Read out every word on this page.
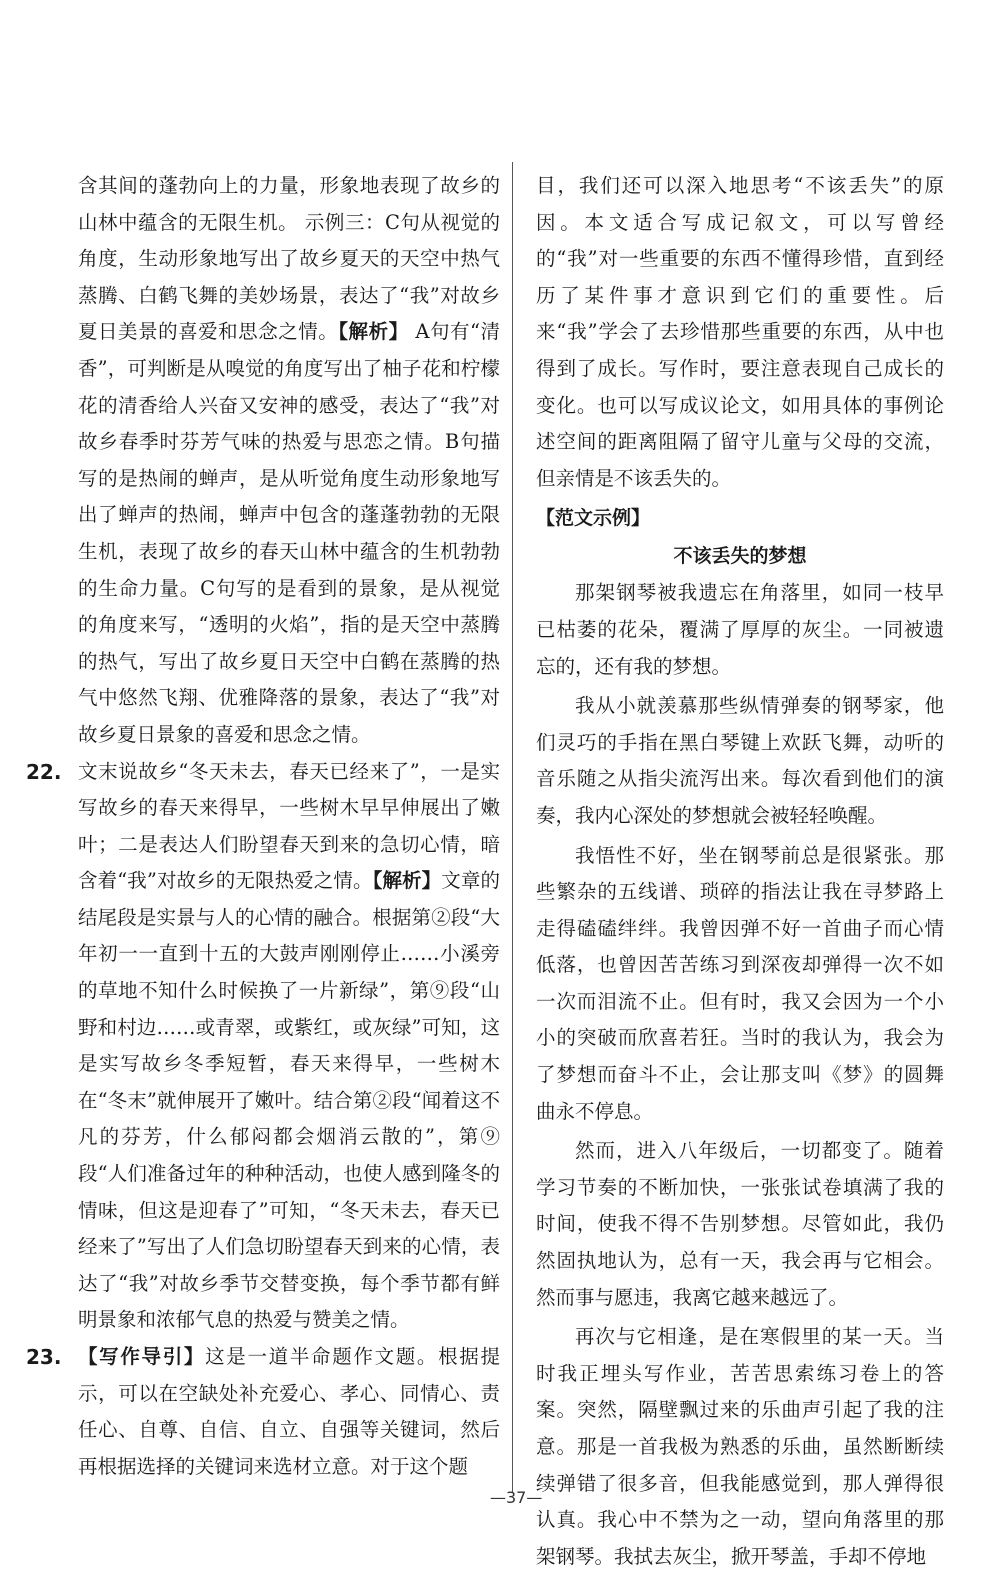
含其间的蓬勃向上的力量，形象地表现了故乡的山林中蕴含的无限生机。 示例三：C句从视觉的角度，生动形象地写出了故乡夏天的天空中热气蒸腾、白鹤飞舞的美妙场景，表达了“我”对故乡夏日美景的喜爱和思念之情。【解析】 A句有“清香”，可判断是从嗅觉的角度写出了柚子花和柠檬花的清香给人兴奋又安神的感受，表达了“我”对故乡春季时芬芳气味的热爱与思恋之情。B句描写的是热闹的蝉声，是从听觉角度生动形象地写出了蝉声的热闹，蝉声中包含的蓬蓬勃勃的无限生机，表现了故乡的春天山林中蕴含的生机勃勃的生命力量。C句写的是看到的景象，是从视觉的角度来写，“透明的火焰”，指的是天空中蒸腾的热气，写出了故乡夏日天空中白鹤在蒸腾的热气中悠然飞翔、优雅降落的景象，表达了“我”对故乡夏日景象的喜爱和思念之情。

22. 文末说故乡“冬天未去，春天已经来了”，一是实写故乡的春天来得早，一些树木早早伸展出了嫩叶；二是表达人们盼望春天到来的急切心情，暗含着“我”对故乡的无限热爱之情。【解析】文章的结尾段是实景与人的心情的融合。根据第②段“大年初一一直到十五的大鼓声刚刚停止……小溪旁的草地不知什么时候换了一片新绿”，第⑨段“山野和村边……或青翠，或紫红，或灰绿”可知，这是实写故乡冬季短暂，春天来得早，一些树木在“冬末”就伸展开了嫩叶。结合第②段“闻着这不凡的芬芳，什么郁闷都会烟消云散的”，第⑨段“人们准备过年的种种活动，也使人感到隆冬的情味，但这是迎春了”可知，“冬天未去，春天已经来了”写出了人们急切盼望春天到来的心情，表达了“我”对故乡季节交替变换，每个季节都有鲜明景象和浓郁气息的热爱与赞美之情。

23. 【写作导引】这是一道半命题作文题。根据提示，可以在空缺处补充爱心、孝心、同情心、责任心、自尊、自信、自立、自强等关键词，然后再根据选择的关键词来选材立意。对于这个题

目，我们还可以深入地思考“不该丢失”的原因。本文适合写成记叙文，可以写曾经的“我”对一些重要的东西不懂得珍惜，直到经历了某件事才意识到它们的重要性。后来“我”学会了去珍惜那些重要的东西，从中也得到了成长。写作时，要注意表现自己成长的变化。也可以写成议论文，如用具体的事例论述空间的距离阻隔了留守儿童与父母的交流，但亲情是不该丢失的。

【范文示例】
不该丢失的梦想

那架钢琴被我遗忘在角落里，如同一枝早已枯萎的花朵，覆满了厚厚的灰尘。一同被遗忘的，还有我的梦想。

我从小就羡慕那些纵情弹奏的钢琴家，他们灵巧的手指在黑白琴键上欢跃飞舞，动听的音乐随之从指尖流泻出来。每次看到他们的演奏，我内心深处的梦想就会被轻轻唤醒。

我悟性不好，坐在钢琴前总是很紧张。那些繁杂的五线谱、琐碎的指法让我在寻梦路上走得磕磕绊绊。我曾因弹不好一首曲子而心情低落，也曾因苦苦练习到深夜却弹得一次不如一次而泪流不止。但有时，我又会因为一个小小的突破而欣喜若狂。当时的我认为，我会为了梦想而奋斗不止，会让那支叫《梦》的圆舞曲永不停息。

然而，进入八年级后，一切都变了。随着学习节奏的不断加快，一张张试卷填满了我的时间，使我不得不告别梦想。尽管如此，我仍然固执地认为，总有一天，我会再与它相会。然而事与愿违，我离它越来越远了。

再次与它相逢，是在寒假里的某一天。当时我正埋头写作业，苦苦思索练习卷上的答案。突然，隔壁飘过来的乐曲声引起了我的注意。那是一首我极为熟悉的乐曲，虽然断断续续弹错了很多音，但我能感觉到，那人弹得很认真。我心中不禁为之一动，望向角落里的那架钢琴。我拭去灰尘，掀开琴盖，手却不停地

—37—
